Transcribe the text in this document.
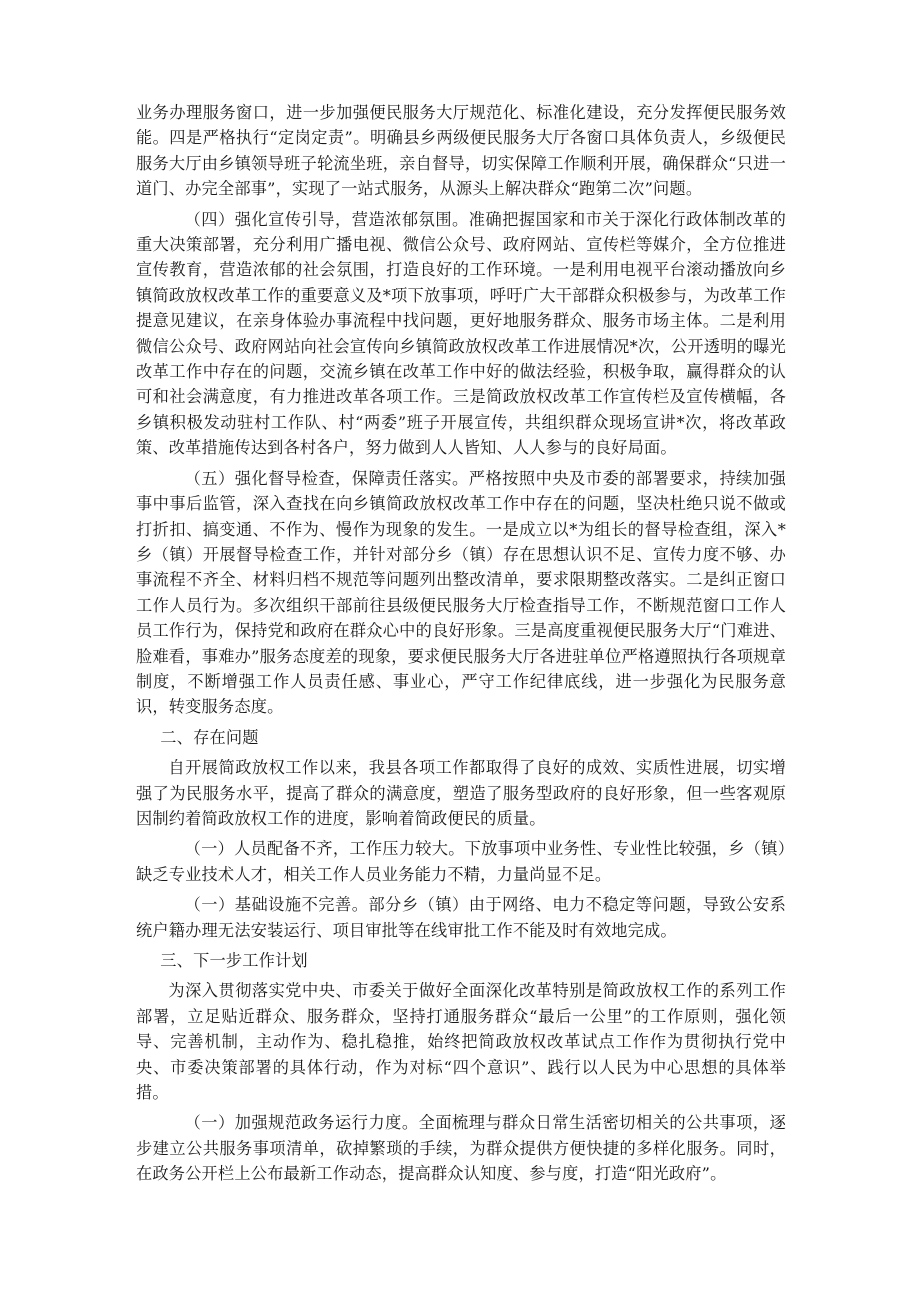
业务办理服务窗口，进一步加强便民服务大厅规范化、标准化建设，充分发挥便民服务效能。四是严格执行“定岗定责”。明确县乡两级便民服务大厅各窗口具体负责人，乡级便民服务大厅由乡镇领导班子轮流坐班，亲自督导，切实保障工作顺利开展，确保群众“只进一道门、办完全部事”，实现了一站式服务，从源头上解决群众“跑第二次”问题。

（四）强化宣传引导，营造浓郁氛围。准确把握国家和市关于深化行政体制改革的重大决策部署，充分利用广播电视、微信公众号、政府网站、宣传栏等媒介，全方位推进宣传教育，营造浓郁的社会氛围，打造良好的工作环境。一是利用电视平台滚动播放向乡镇简政放权改革工作的重要意义及*项下放事项，呼吁广大干部群众积极参与，为改革工作提意见建议，在亲身体验办事流程中找问题，更好地服务群众、服务市场主体。二是利用微信公众号、政府网站向社会宣传向乡镇简政放权改革工作进展情况*次，公开透明的曝光改革工作中存在的问题，交流乡镇在改革工作中好的做法经验，积极争取，赢得群众的认可和社会满意度，有力推进改革各项工作。三是简政放权改革工作宣传栏及宣传横幅，各乡镇积极发动驻村工作队、村“两委”班子开展宣传，共组织群众现场宣讲*次，将改革政策、改革措施传达到各村各户，努力做到人人皆知、人人参与的良好局面。

（五）强化督导检查，保障责任落实。严格按照中央及市委的部署要求，持续加强事中事后监管，深入查找在向乡镇简政放权改革工作中存在的问题，坚决杜绝只说不做或打折扣、搞变通、不作为、慢作为现象的发生。一是成立以*为组长的督导检查组，深入*乡（镇）开展督导检查工作，并针对部分乡（镇）存在思想认识不足、宣传力度不够、办事流程不齐全、材料归档不规范等问题列出整改清单，要求限期整改落实。二是纠正窗口工作人员行为。多次组织干部前往县级便民服务大厅检查指导工作，不断规范窗口工作人员工作行为，保持党和政府在群众心中的良好形象。三是高度重视便民服务大厅“门难进、脸难看，事难办”服务态度差的现象，要求便民服务大厅各进驻单位严格遵照执行各项规章制度，不断增强工作人员责任感、事业心，严守工作纪律底线，进一步强化为民服务意识，转变服务态度。

二、存在问题

自开展简政放权工作以来，我县各项工作都取得了良好的成效、实质性进展，切实增强了为民服务水平，提高了群众的满意度，塑造了服务型政府的良好形象，但一些客观原因制约着简政放权工作的进度，影响着简政便民的质量。

（一）人员配备不齐，工作压力较大。下放事项中业务性、专业性比较强，乡（镇）缺乏专业技术人才，相关工作人员业务能力不精，力量尚显不足。

（一）基础设施不完善。部分乡（镇）由于网络、电力不稳定等问题，导致公安系统户籍办理无法安装运行、项目审批等在线审批工作不能及时有效地完成。

三、下一步工作计划

为深入贯彻落实党中央、市委关于做好全面深化改革特别是简政放权工作的系列工作部署，立足贴近群众、服务群众，坚持打通服务群众“最后一公里”的工作原则，强化领导、完善机制，主动作为、稳扎稳推，始终把简政放权改革试点工作作为贯彻执行党中央、市委决策部署的具体行动，作为对标“四个意识”、践行以人民为中心思想的具体举措。

（一）加强规范政务运行力度。全面梳理与群众日常生活密切相关的公共事项，逐步建立公共服务事项清单，砍掉繁琐的手续，为群众提供方便快捷的多样化服务。同时，在政务公开栏上公布最新工作动态，提高群众认知度、参与度，打造“阳光政府”。
